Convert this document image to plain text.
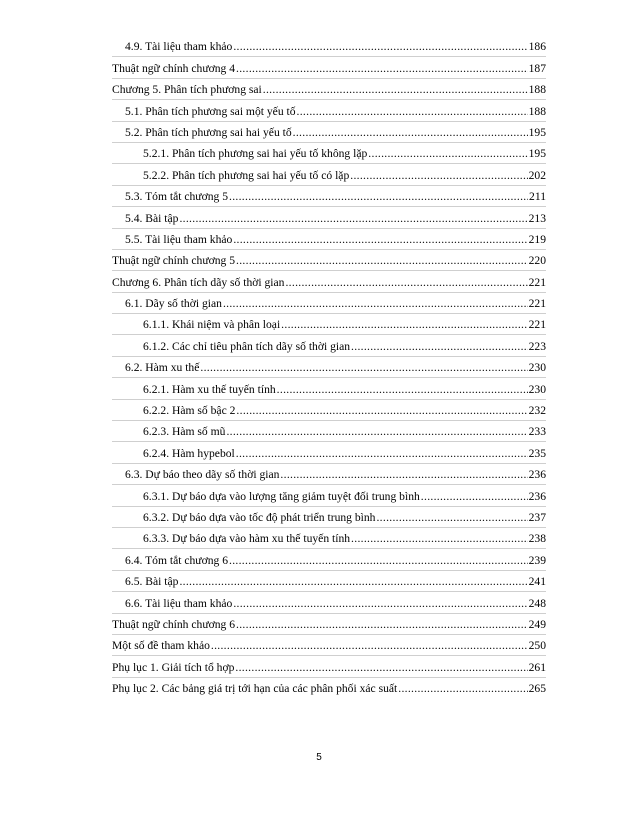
4.9. Tài liệu tham khảo .....	186
Thuật ngữ chính chương 4 .....	187
Chương 5. Phân tích phương sai .....	188
5.1. Phân tích phương sai một yếu tố .....	188
5.2. Phân tích phương sai hai yếu tố .....	195
5.2.1. Phân tích phương sai hai yếu tố không lặp .....	195
5.2.2. Phân tích phương sai hai yếu tố có lặp .....	202
5.3. Tóm tắt chương 5 .....	211
5.4. Bài tập .....	213
5.5. Tài liệu tham khảo .....	219
Thuật ngữ chính chương 5 .....	220
Chương 6. Phân tích dãy số thời gian .....	221
6.1. Dãy số thời gian .....	221
6.1.1. Khái niệm và phân loại .....	221
6.1.2. Các chỉ tiêu phân tích dãy số thời gian .....	223
6.2. Hàm xu thế .....	230
6.2.1. Hàm xu thế tuyến tính .....	230
6.2.2. Hàm số bậc 2 .....	232
6.2.3. Hàm số mũ .....	233
6.2.4. Hàm hypebol .....	235
6.3. Dự báo theo dãy số thời gian .....	236
6.3.1. Dự báo dựa vào lượng tăng giảm tuyệt đối trung bình .....	236
6.3.2. Dự báo dựa vào tốc độ phát triển trung bình .....	237
6.3.3. Dự báo dựa vào hàm xu thế tuyến tính .....	238
6.4. Tóm tắt chương 6 .....	239
6.5. Bài tập .....	241
6.6. Tài liệu tham khảo .....	248
Thuật ngữ chính chương 6 .....	249
Một số đề tham khảo .....	250
Phụ lục 1. Giải tích tổ hợp .....	261
Phụ lục 2. Các bảng giá trị tới hạn của các phân phối xác suất .....	265
5
